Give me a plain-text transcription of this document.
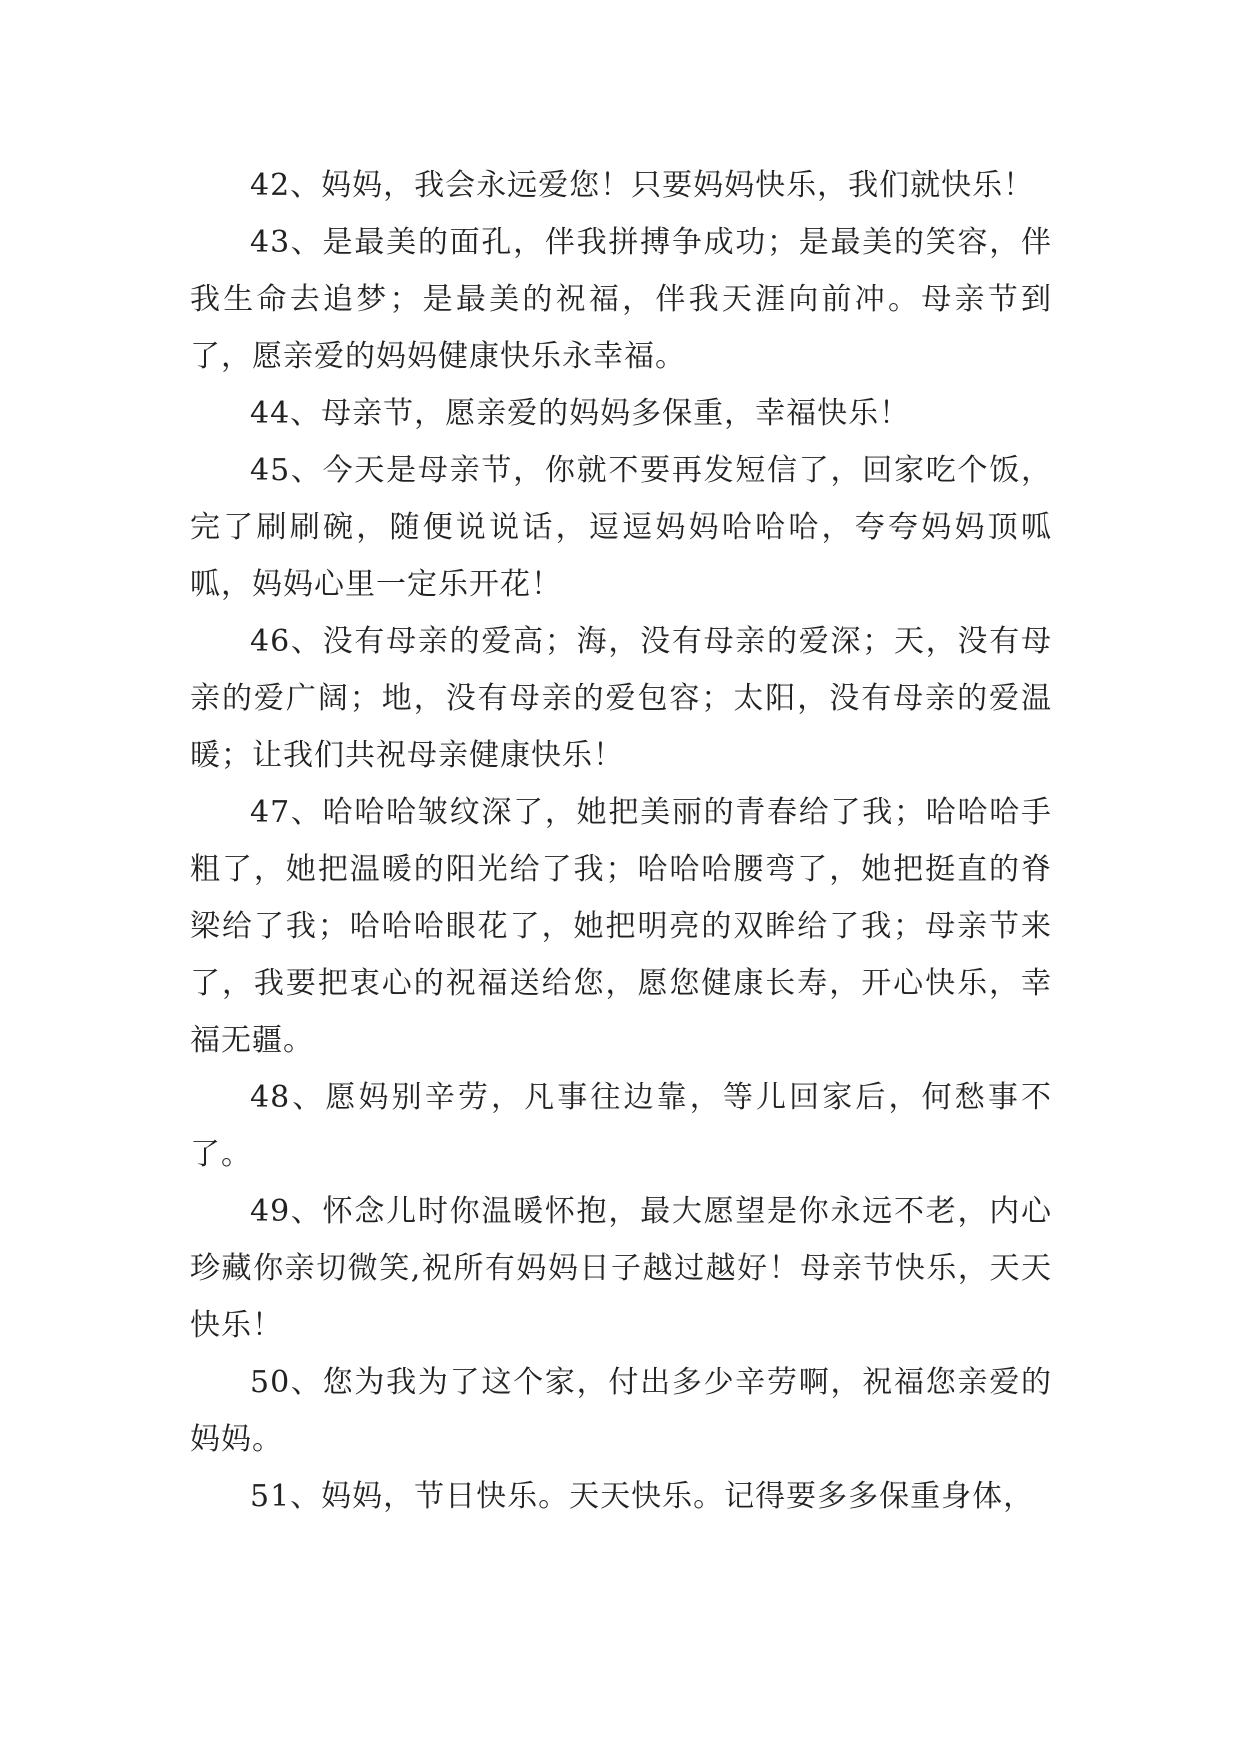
42、妈妈，我会永远爱您！只要妈妈快乐，我们就快乐！

43、是最美的面孔，伴我拼搏争成功；是最美的笑容，伴我生命去追梦；是最美的祝福，伴我天涯向前冲。母亲节到了，愿亲爱的妈妈健康快乐永幸福。

44、母亲节，愿亲爱的妈妈多保重，幸福快乐！

45、今天是母亲节，你就不要再发短信了，回家吃个饭，完了刷刷碗，随便说说话，逗逗妈妈哈哈哈，夸夸妈妈顶呱呱，妈妈心里一定乐开花！

46、没有母亲的爱高；海，没有母亲的爱深；天，没有母亲的爱广阔；地，没有母亲的爱包容；太阳，没有母亲的爱温暖；让我们共祝母亲健康快乐！

47、哈哈哈皱纹深了，她把美丽的青春给了我；哈哈哈手粗了，她把温暖的阳光给了我；哈哈哈腰弯了，她把挺直的脊梁给了我；哈哈哈眼花了，她把明亮的双眸给了我；母亲节来了，我要把衷心的祝福送给您，愿您健康长寿，开心快乐，幸福无疆。

48、愿妈别辛劳，凡事往边靠，等儿回家后，何愁事不了。

49、怀念儿时你温暖怀抱，最大愿望是你永远不老，内心珍藏你亲切微笑,祝所有妈妈日子越过越好！母亲节快乐，天天快乐！

50、您为我为了这个家，付出多少辛劳啊，祝福您亲爱的妈妈。

51、妈妈，节日快乐。天天快乐。记得要多多保重身体，
